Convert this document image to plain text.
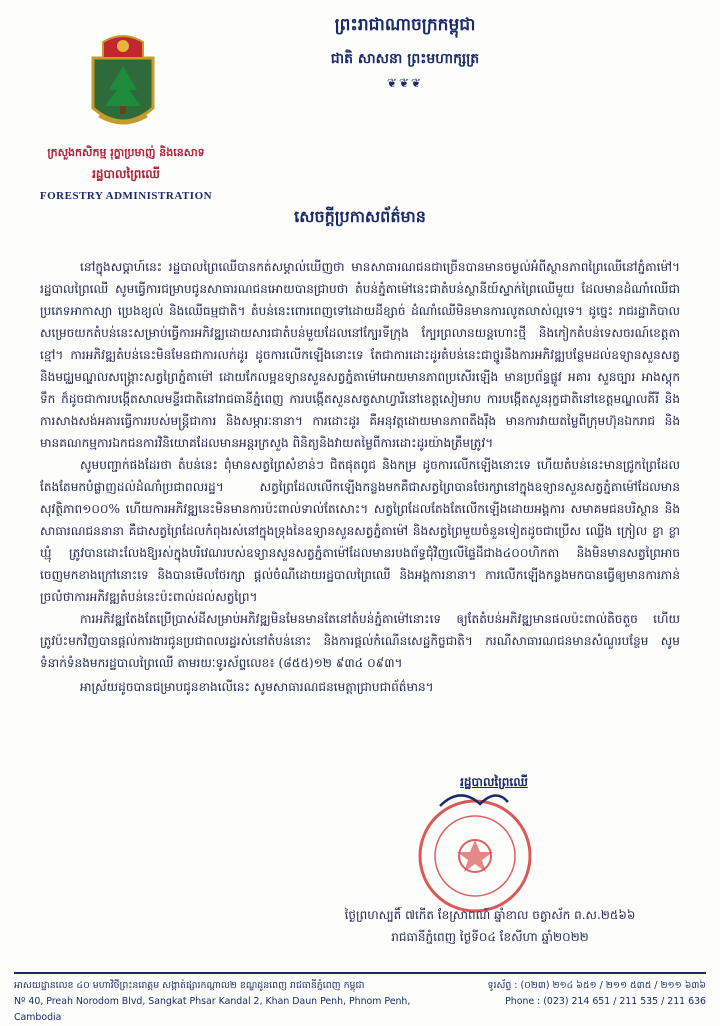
ព្រះរាជាណាចក្រកម្ពុជា
ជាតិ សាសនា ព្រះមហាក្សត្រ
❦❦❦
ក្រសួងកសិកម្ម រុក្ខាប្រមាញ់ និងនេសាទ
រដ្ឋបាលព្រៃឈើ
FORESTRY ADMINISTRATION
សេចក្តីប្រកាសព័ត៌មាន

នៅក្នុងសប្តាហ៍នេះ រដ្ឋបាលព្រៃឈើបានកត់សម្គាល់ឃើញថា មានសាធារណជនជាច្រើនបានមានចម្ងល់អំពីស្ថានភាពព្រៃឈើនៅភ្នំតាម៉ៅ។ រដ្ឋបាលព្រៃឈើ សូមធ្វើការជម្រាបជូនសាធារណជនអោយបានជ្រាបថា តំបន់ភ្នំតាម៉ៅនេះជាតំបន់ស្ថានីយ៍ស្ទាក់ព្រៃឈើមួយ ដែលមានដំណាំឈើជាប្រភេទអាកាស្យា ប្រេងខ្យល់ និងឈើធម្មជាតិ។ តំបន់នេះពោរពេញទៅដោយដីខ្សាច់ ដំណាំឈើមិនមានការលូតលាស់ល្អទេ។ ដូច្នេះ រាជរដ្ឋាភិបាលសម្រេចយកតំបន់នេះសម្រាប់ធ្វើការអភិវឌ្ឍដោយសារជាតំបន់មួយដែលនៅក្បែរទីក្រុង ក្បែរព្រលានយន្តហោះថ្មី និងកៀកតំបន់ទេសចរណ៍ខេត្តតាខ្មៅ។ ការអភិវឌ្ឍតំបន់នេះមិនមែនជាការលក់ដូរ ដូចការលើកឡើងនោះទេ តែជាការដោះដូរតំបន់នេះជាថ្នូរនឹងការអភិវឌ្ឍបន្ថែមដល់ឧទ្យានសួនសត្វ និងមជ្ឈមណ្ឌលសង្គ្រោះសត្វព្រៃភ្នំតាម៉ៅ ដោយកែលម្អឧទ្យានសួនសត្វភ្នំតាម៉ៅអោយមានភាពប្រសើរឡើង មានប្រព័ន្ធផ្លូវ អគារ សួនច្បារ អាងស្តុកទឹក ក៏ដូចជាការបង្កើតសាលមន្ទីរជាតិនៅរាជធានីភ្នំពេញ ការបង្កើតសួនសត្វសាហ្វារីនៅខេត្តសៀមរាប ការបង្កើតសួនរុក្ខជាតិនៅខេត្តមណ្ឌលគីរី និងការសាងសង់អគារធ្វើការរបស់មន្ត្រីជាការ និងសម្ភារៈនានា។ ការដោះដូរ គឺអនុវត្តដោយមានភាពតឹងរ៉ឹង មានការវាយតម្លៃពីក្រុមហ៊ុនឯករាជ និងមានគណកម្មការឯកជនការវិនិយោគដែលមានអន្តរក្រសួង ពិនិត្យនិងវាយតម្លៃពីការដោះដូរយ៉ាងត្រឹមត្រូវ។

សូមបញ្ជាក់ផងដែរថា តំបន់នេះ ពុំមានសត្វព្រៃសំខាន់ៗ ជិតផុតពូជ និងកម្រ ដូចការលើកឡើងនោះទេ ហើយតំបន់នេះមានជ្រូកព្រៃដែលតែងតែមកបំផ្លាញដល់ដំណាំប្រជាពលរដ្ឋ។ សត្វព្រៃដែលលើកឡើងកន្លងមកគឺជាសត្វព្រៃបានថែរក្សានៅក្នុងឧទ្យានសួនសត្វភ្នំតាម៉ៅដែលមានសុវត្ថិភាព១០០% ហើយការអភិវឌ្ឍនេះមិនមានការប៉ះពាល់ទាល់តែសោះ។ សត្វព្រៃដែលតែងតែលើកឡើងដោយអង្គការ សមាគមជនបរិស្ថាន និងសាធារណជននានា គឺជាសត្វព្រៃដែលកំពុងរស់នៅក្នុងទ្រុងនៃឧទ្យានសួនសត្វភ្នំតាម៉ៅ និងសត្វព្រៃមួយចំនួនទៀតដូចជាប្រើស ឈ្លើង ក្រៀល ខ្លា ខ្លាឃ្មុំ ត្រូវបានដោះលែងឱ្យរស់ក្នុងបរិវេណរបស់ឧទ្យានសួនសត្វភ្នំតាម៉ៅដែលមានរបងព័ទ្ធជុំវិញលើផ្ទៃដីជាង៤០០ហិកតា និងមិនមានសត្វព្រៃអាចចេញមកខាងក្រៅនោះទេ និងបានមើលថែរក្សា ផ្តល់ចំណីដោយរដ្ឋបាលព្រៃឈើ និងអង្គការនានា។ ការលើកឡើងកន្លងមកបានធ្វើឲ្យមានការភាន់ច្រលំថាការអភិវឌ្ឍតំបន់នេះប៉ះពាល់ដល់សត្វព្រៃ។

ការអភិវឌ្ឍតែងតែប្រើប្រាស់ដីសម្រាប់អភិវឌ្ឍមិនមែនមានតែនៅតំបន់ភ្នំតាម៉ៅនោះទេ ឲ្យតែតំបន់អភិវឌ្ឍមានផលប៉ះពាល់តិចតួច ហើយត្រូវប៉ះមកវិញបានផ្តល់ការងារជូនប្រជាពលរដ្ឋរស់នៅតំបន់នោះ និងការផ្តល់កំណើនសេដ្ឋកិច្ចជាតិ។ ករណីសាធារណជនមានសំណួរបន្ថែម សូមទំនាក់ទំនងមករដ្ឋបាលព្រៃឈើ តាមរយៈទូរស័ព្ទលេខ៖ (៨៥៥)១២ ៩៣៤ ០៩៣។

អាស្រ័យដូចបានជម្រាបជូនខាងលើនេះ សូមសាធារណជនមេត្តាជ្រាបជាព័ត៌មាន។

រដ្ឋបាលព្រៃឈើ
ថ្ងៃព្រហស្បតិ៍ ៧កើត ខែស្រាពណ៍ ឆ្នាំខាល ចត្វាស័ក ព.ស.២៥៦៦
រាជធានីភ្នំពេញ ថ្ងៃទី០៤ ខែសីហា ឆ្នាំ២០២២
អាសយដ្ឋានលេខ ៤០ មហាវិថីព្រះនរោត្តម សង្កាត់ផ្សារកណ្តាល២ ខណ្ឌដូនពេញ រាជធានីភ្នំពេញ កម្ពុជា
Nº 40, Preah Norodom Blvd, Sangkat Phsar Kandal 2, Khan Daun Penh, Phnom Penh, Cambodia
ទូរស័ព្ទ : (០២៣) ២១៤ ៦៥១ / ២១១ ៥៣៥ / ២១១ ៦៣៦
Phone : (023) 214 651 / 211 535 / 211 636
